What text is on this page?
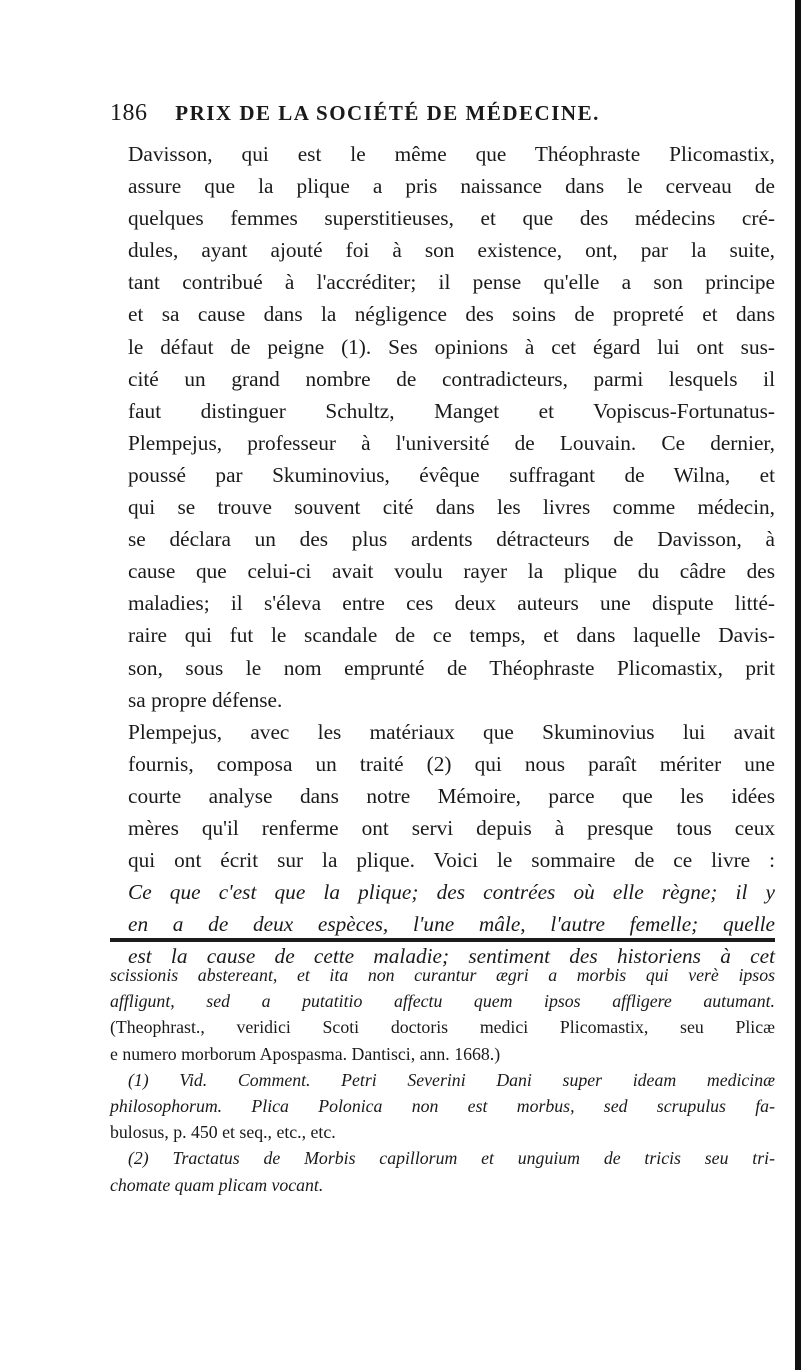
186 PRIX DE LA SOCIÉTÉ DE MÉDECINE.

Davisson, qui est le même que Théophraste Plicomastix,
assure que la plique a pris naissance dans le cerveau de
quelques femmes superstitieuses, et que des médecins cré-
dules, ayant ajouté foi à son existence, ont, par la suite,
tant contribué à l'accréditer; il pense qu'elle a son principe
et sa cause dans la négligence des soins de propreté et dans
le défaut de peigne (1). Ses opinions à cet égard lui ont sus-
cité un grand nombre de contradicteurs, parmi lesquels il
faut distinguer Schultz, Manget et Vopiscus-Fortunatus-
Plempejus, professeur à l'université de Louvain. Ce dernier,
poussé par Skuminovius, évêque suffragant de Wilna, et
qui se trouve souvent cité dans les livres comme médecin,
se déclara un des plus ardents détracteurs de Davisson, à
cause que celui-ci avait voulu rayer la plique du câdre des
maladies; il s'éleva entre ces deux auteurs une dispute litté-
raire qui fut le scandale de ce temps, et dans laquelle Davis-
son, sous le nom emprunté de Théophraste Plicomastix, prit
sa propre défense.

Plempejus, avec les matériaux que Skuminovius lui avait
fournis, composa un traité (2) qui nous paraît mériter une
courte analyse dans notre Mémoire, parce que les idées
mères qu'il renferme ont servi depuis à presque tous ceux
qui ont écrit sur la plique. Voici le sommaire de ce livre :
Ce que c'est que la plique; des contrées où elle règne; il y
en a de deux espèces, l'une mâle, l'autre femelle; quelle
est la cause de cette maladie; sentiment des historiens à cet

scissionis absterеant, et ita non curantur ægri a morbis qui verè ipsos
affligunt, sed a putatitio affectu quem ipsos affligere autumant.
(Theophrast., veridici Scoti doctoris medici Plicomastix, seu Plicæ
e numero morborum Apospasma. Dantisci, ann. 1668.)
(1) Vid. Comment. Petri Severini Dani super ideam medicinæ
philosophorum. Plica Polonica non est morbus, sed scrupulus fa-
bulosus, p. 450 et seq., etc., etc.
(2) Tractatus de Morbis capillorum et unguium de tricis seu tri-
chomate quam plicam vocant.
